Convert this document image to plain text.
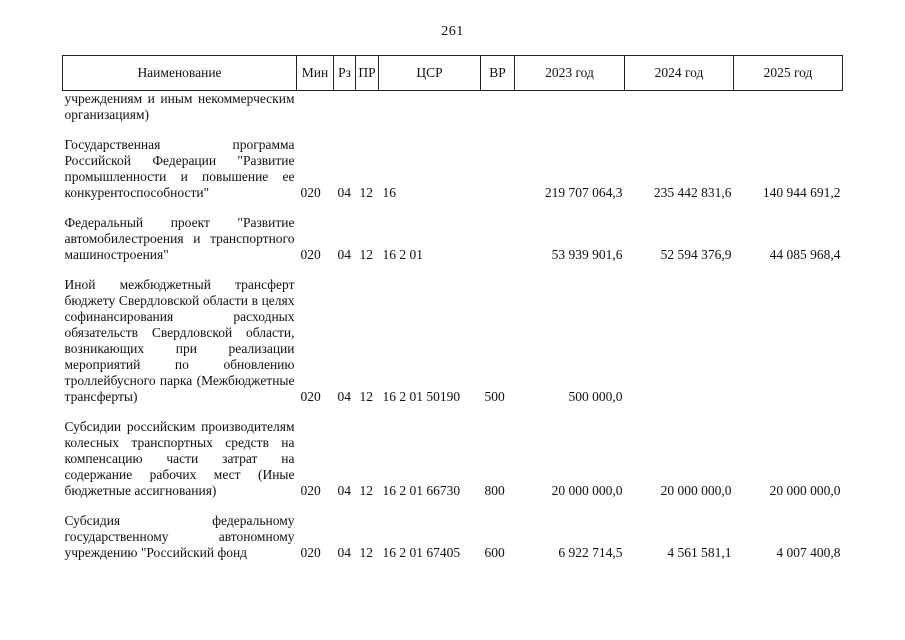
261
Наименование	Мин	Рз	ПР	ЦСР	ВР	2023 год	2024 год	2025 год
учреждениям и иным некоммерческим организациям)								

Государственная программа Российской Федерации "Развитие промышленности и повышение ее конкурентоспособности"	020	04	12	16		219 707 064,3	235 442 831,6	140 944 691,2

Федеральный проект "Развитие автомобилестроения и транспортного машиностроения"	020	04	12	16 2 01		53 939 901,6	52 594 376,9	44 085 968,4

Иной межбюджетный трансферт бюджету Свердловской области в целях софинансирования расходных обязательств Свердловской области, возникающих при реализации мероприятий по обновлению троллейбусного парка (Межбюджетные трансферты)	020	04	12	16 2 01 50190	500	500 000,0		

Субсидии российским производителям колесных транспортных средств на компенсацию части затрат на содержание рабочих мест (Иные бюджетные ассигнования)	020	04	12	16 2 01 66730	800	20 000 000,0	20 000 000,0	20 000 000,0

Субсидия федеральному государственному автономному учреждению "Российский фонд	020	04	12	16 2 01 67405	600	6 922 714,5	4 561 581,1	4 007 400,8
